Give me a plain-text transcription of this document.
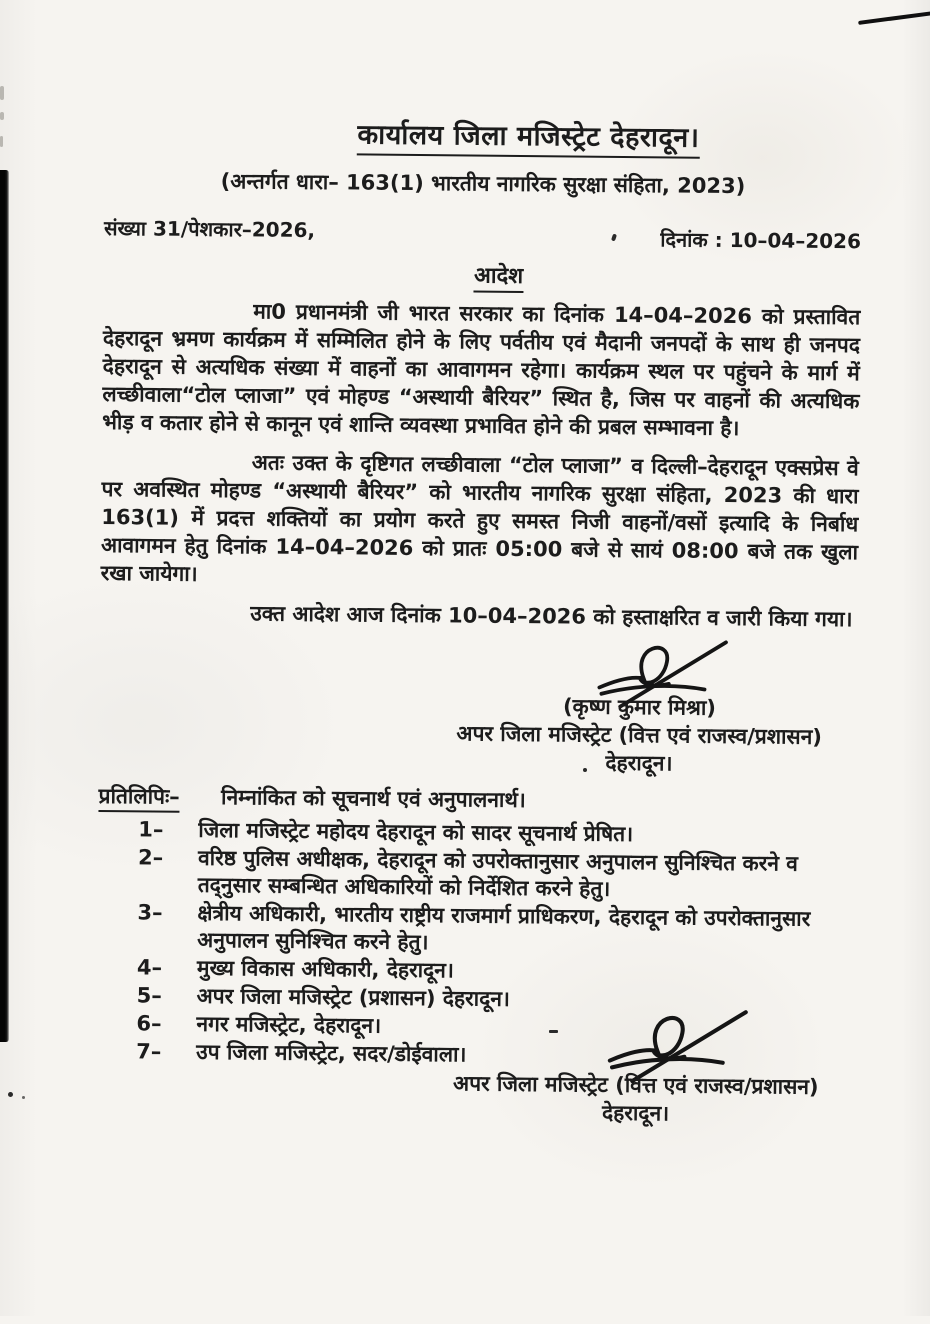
कार्यालय जिला मजिस्ट्रेट देहरादून।
(अन्तर्गत धारा– 163(1) भारतीय नागरिक सुरक्षा संहिता, 2023)
संख्या 31/पेशकार–2026,	दिनांक : 10–04–2026
आदेश
मा0 प्रधानमंत्री जी भारत सरकार का दिनांक 14–04–2026 को प्रस्तावित देहरादून भ्रमण कार्यक्रम में सम्मिलित होने के लिए पर्वतीय एवं मैदानी जनपदों के साथ ही जनपद देहरादून से अत्यधिक संख्या में वाहनों का आवागमन रहेगा। कार्यक्रम स्थल पर पहुंचने के मार्ग में लच्छीवाला“टोल प्लाजा” एवं मोहण्ड “अस्थायी बैरियर” स्थित है, जिस पर वाहनों की अत्यधिक भीड़ व कतार होने से कानून एवं शान्ति व्यवस्था प्रभावित होने की प्रबल सम्भावना है।
अतः उक्त के दृष्टिगत लच्छीवाला “टोल प्लाजा” व दिल्ली–देहरादून एक्सप्रेस वे पर अवस्थित मोहण्ड “अस्थायी बैरियर” को भारतीय नागरिक सुरक्षा संहिता, 2023 की धारा 163(1) में प्रदत्त शक्तियों का प्रयोग करते हुए समस्त निजी वाहनों/वसों इत्यादि के निर्बाध आवागमन हेतु दिनांक 14–04–2026 को प्रातः 05:00 बजे से सायं 08:00 बजे तक खुला रखा जायेगा।
उक्त आदेश आज दिनांक 10–04–2026 को हस्ताक्षरित व जारी किया गया।
(कृष्ण कुमार मिश्रा)
अपर जिला मजिस्ट्रेट (वित्त एवं राजस्व/प्रशासन)
देहरादून।
प्रतिलिपिः– निम्नांकित को सूचनार्थ एवं अनुपालनार्थ।
1–	जिला मजिस्ट्रेट महोदय देहरादून को सादर सूचनार्थ प्रेषित।
2–	वरिष्ठ पुलिस अधीक्षक, देहरादून को उपरोक्तानुसार अनुपालन सुनिश्चित करने व तद्नुसार सम्बन्धित अधिकारियों को निर्देशित करने हेतु।
3–	क्षेत्रीय अधिकारी, भारतीय राष्ट्रीय राजमार्ग प्राधिकरण, देहरादून को उपरोक्तानुसार अनुपालन सुनिश्चित करने हेतु।
4–	मुख्य विकास अधिकारी, देहरादून।
5–	अपर जिला मजिस्ट्रेट (प्रशासन) देहरादून।
6–	नगर मजिस्ट्रेट, देहरादून।
7–	उप जिला मजिस्ट्रेट, सदर/डोईवाला।
अपर जिला मजिस्ट्रेट (वित्त एवं राजस्व/प्रशासन)
देहरादून।
